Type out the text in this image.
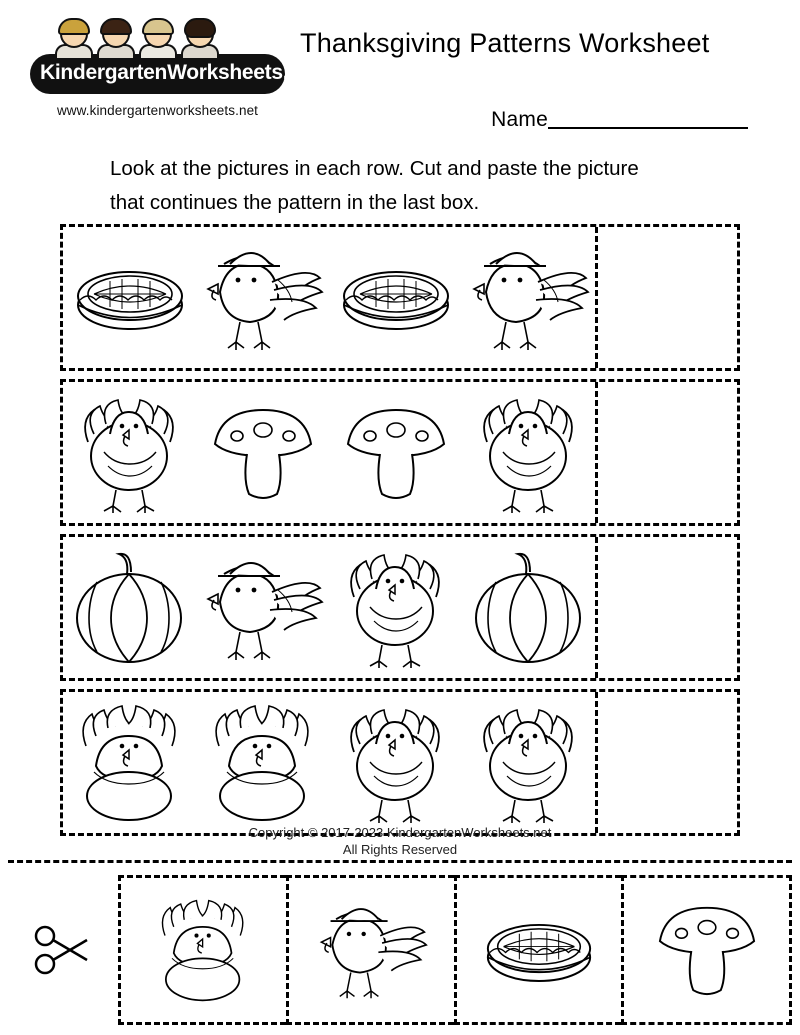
KindergartenWorksheets.net
www.kindergartenworksheets.net
Thanksgiving Patterns Worksheet
Name
Look at the pictures in each row. Cut and paste the picture
that continues the pattern in the last box.
Copyright © 2017-2023 KindergartenWorksheets.net
All Rights Reserved
